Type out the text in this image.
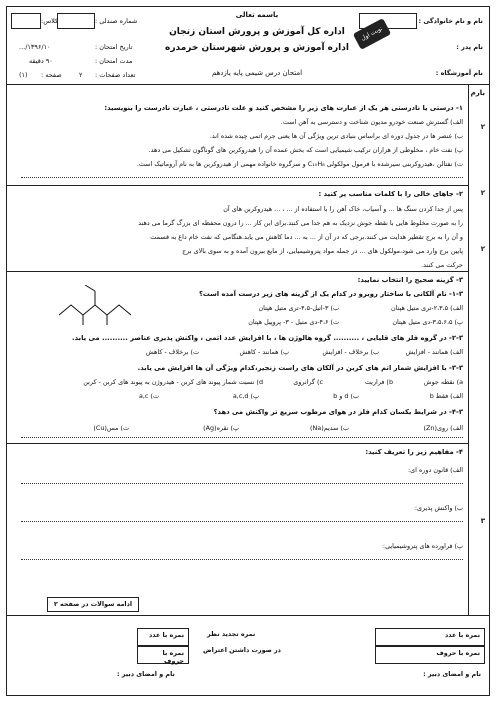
باسمه تعالی
اداره کل آموزش و پرورش استان زنجان
اداره آموزش و پرورش شهرستان خرمدره
نوبت اول
امتحان درس شیمی پایه یازدهم
نام و نام خانوادگی :
نام پدر :
نام آموزشگاه :
شماره صندلی :
کلاس:
تاریخ امتحان :
۱۳۹۶/۱۰/...
مدت امتحان :
۹۰ دقیقه
تعداد صفحات :
۲
صفحه :
(۱)
بارم
۲
۲
۲
۳
۱- درستی یا نادرستی هر یک از عبارت های زیر را مشخص کنید و علت نادرستی ، عبارت نادرست را بنویسید:
الف) گسترش صنعت خودرو مدیون شناخت و دسترسی به آهن است.
ب) عنصر ها در جدول دوره ای براساس بنیادی ترین ویژگی آن ها یعنی جرم اتمی چیده شده اند.
پ) نفت خام ، مخلوطی از هزاران ترکیب شیمیایی است که بخش عمده آن را هیدروکربن های گوناگون تشکیل می دهد.
ت) نفتالن ،هیدروکربنی سیرشده با فرمول مولکولی C₁₀H₈ و سرگروه خانواده مهمی از هیدروکربن ها به نام آروماتیک است.
۲- جاهای خالی را با کلمات مناسب پر کنید :
پس از جدا کردن سنگ ها ... و آسیاب، خاک آهن را با استفاده از ... ، ... هیدروکربن های آن
را به صورت مخلوط هایی با نقطه جوش نزدیک به هم جدا می کنند.برای این کار ... را درون محفظه ای بزرگ گرما می دهند
و آن را به برج تقطیر هدایت می کنند.برجی که در آن از ... به ... دما کاهش می یابد.هنگامی که نفت خام داغ به قسمت
پایین برج وارد می شود،مولکول های ... در جمله مواد پتروشیمیایی، از مایع بیرون آمده و به سوی بالای برج
حرکت می کنند.
۳- گزینه صحیح را انتخاب نمایید:
۱-۳- نام آلکانی با ساختار روبرو در کدام یک از گزینه های زیر درست آمده است؟
الف) ۲،۳،۵-تری متیل هپتان
ب) ۳-اتیل-۴،۵-تری متیل هپتان
پ) ۳،۵،۶،۵-دی متیل هپتان
ت) ۴،۶-دی متیل - ۳- پروپیل هپتان
۲-۳- در گروه فلز های قلیایی ، .......... گروه هالوژن ها ، با افزایش عدد اتمی ، واکنش پذیری عناصر .......... می یابد.
الف) همانند - افزایش
ب) برخلاف - افزایش
پ) همانند - کاهش
ت) برخلاف - کاهش
۳-۳- با افزایش شمار اتم های کربن در آلکان های راست زنجیر،کدام ویژگی آن ها افزایش می یابد.
a) نقطه جوش
b) فراریت
c) گرانروی
d) نسبت شمار پیوند های کربن - هیدروژن به پیوند های کربن - کربن
الف) فقط b
ب) d و b
پ) a,c,d
ت) a,c
۴-۳- در شرایط یکسان کدام فلز در هوای مرطوب سریع تر واکنش می دهد؟
الف) روی(Zn)
ب) سدیم(Na)
پ) نقره(Ag)
ت) مس(Cu)
۴- مفاهیم زیر را تعریف کنید:
الف) قانون دوره ای:
ب) واکنش پذیری:
پ) فراورده های پتروشیمیایی:
ادامه سوالات در صفحه ۲
نمره با عدد
نمره با حروف
نام و امضای دبیر :
نمره تجدید نظر
در صورت داشتن اعتراض
نمره با عدد
نمره با حروف
نام و امضای دبیر :
